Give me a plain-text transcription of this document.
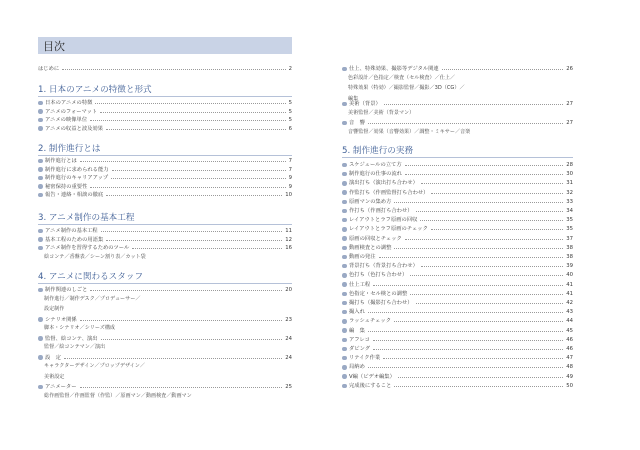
目次
はじめに	2
1. 日本のアニメの特徴と形式
日本のアニメの特徴	5
アニメのフォーマット	5
アニメの映像単位	5
アニメの収益と波及効果	6
2. 制作進行とは
制作進行とは	7
制作進行に求められる能力	7
制作進行のキャリアアップ	9
秘密保持の重要性	9
報告・連絡・相談の徹底	10
3. アニメ制作の基本工程
アニメ制作の基本工程	11
基本工程のための用語集	12
アニメ制作を習得するためのツール	16
絵コンテ／香盤表／シーン割り表／カット袋
4. アニメに関わるスタッフ
制作関連のしごと	20
制作進行／制作デスク／プロデューサー／
設定制作
シナリオ関係	23
脚本・シナリオ／シリーズ構成
監督、絵コンテ、演出	24
監督／絵コンテマン／演出
設　定	24
キャラクターデザイン／プロップデザイン／
美術設定
アニメーター	25
総作画監督／作画監督（作監）／原画マン／動画検査／動画マン
仕上、特殊効果、撮影等デジタル関連	26
色彩設計／色指定／検査（セル検査）／仕上／
特殊効果（特効）／撮影監督／撮影／3D（CG）／
編集
美術（背景）	27
美術監督／美術（背景マン）
音　響	27
音響監督／効果（音響効果）／調整・ミキサー／音楽
5. 制作進行の実務
スケジュールの立て方	28
制作進行の仕事の流れ	30
演出打ち（演出打ち合わせ）	31
作監打ち（作画監督打ち合わせ）	32
原画マンの集め方	33
作打ち（作画打ち合わせ）	34
レイアウトとラフ原画の回収	35
レイアウトとラフ原画のチェック	35
原画の回収とチェック	37
動画検査との調整	38
動画の発注	38
背景打ち（背景打ち合わせ）	39
色打ち（色打ち合わせ）	40
仕上工程	41
色指定・セル検との調整	41
撮打ち（撮影打ち合わせ）	42
撮入れ	43
ラッシュチェック	44
編　集	45
アフレコ	46
ダビング	46
リテイク作業	47
局納め	48
V編（ビデオ編集）	49
完成後にすること	50
